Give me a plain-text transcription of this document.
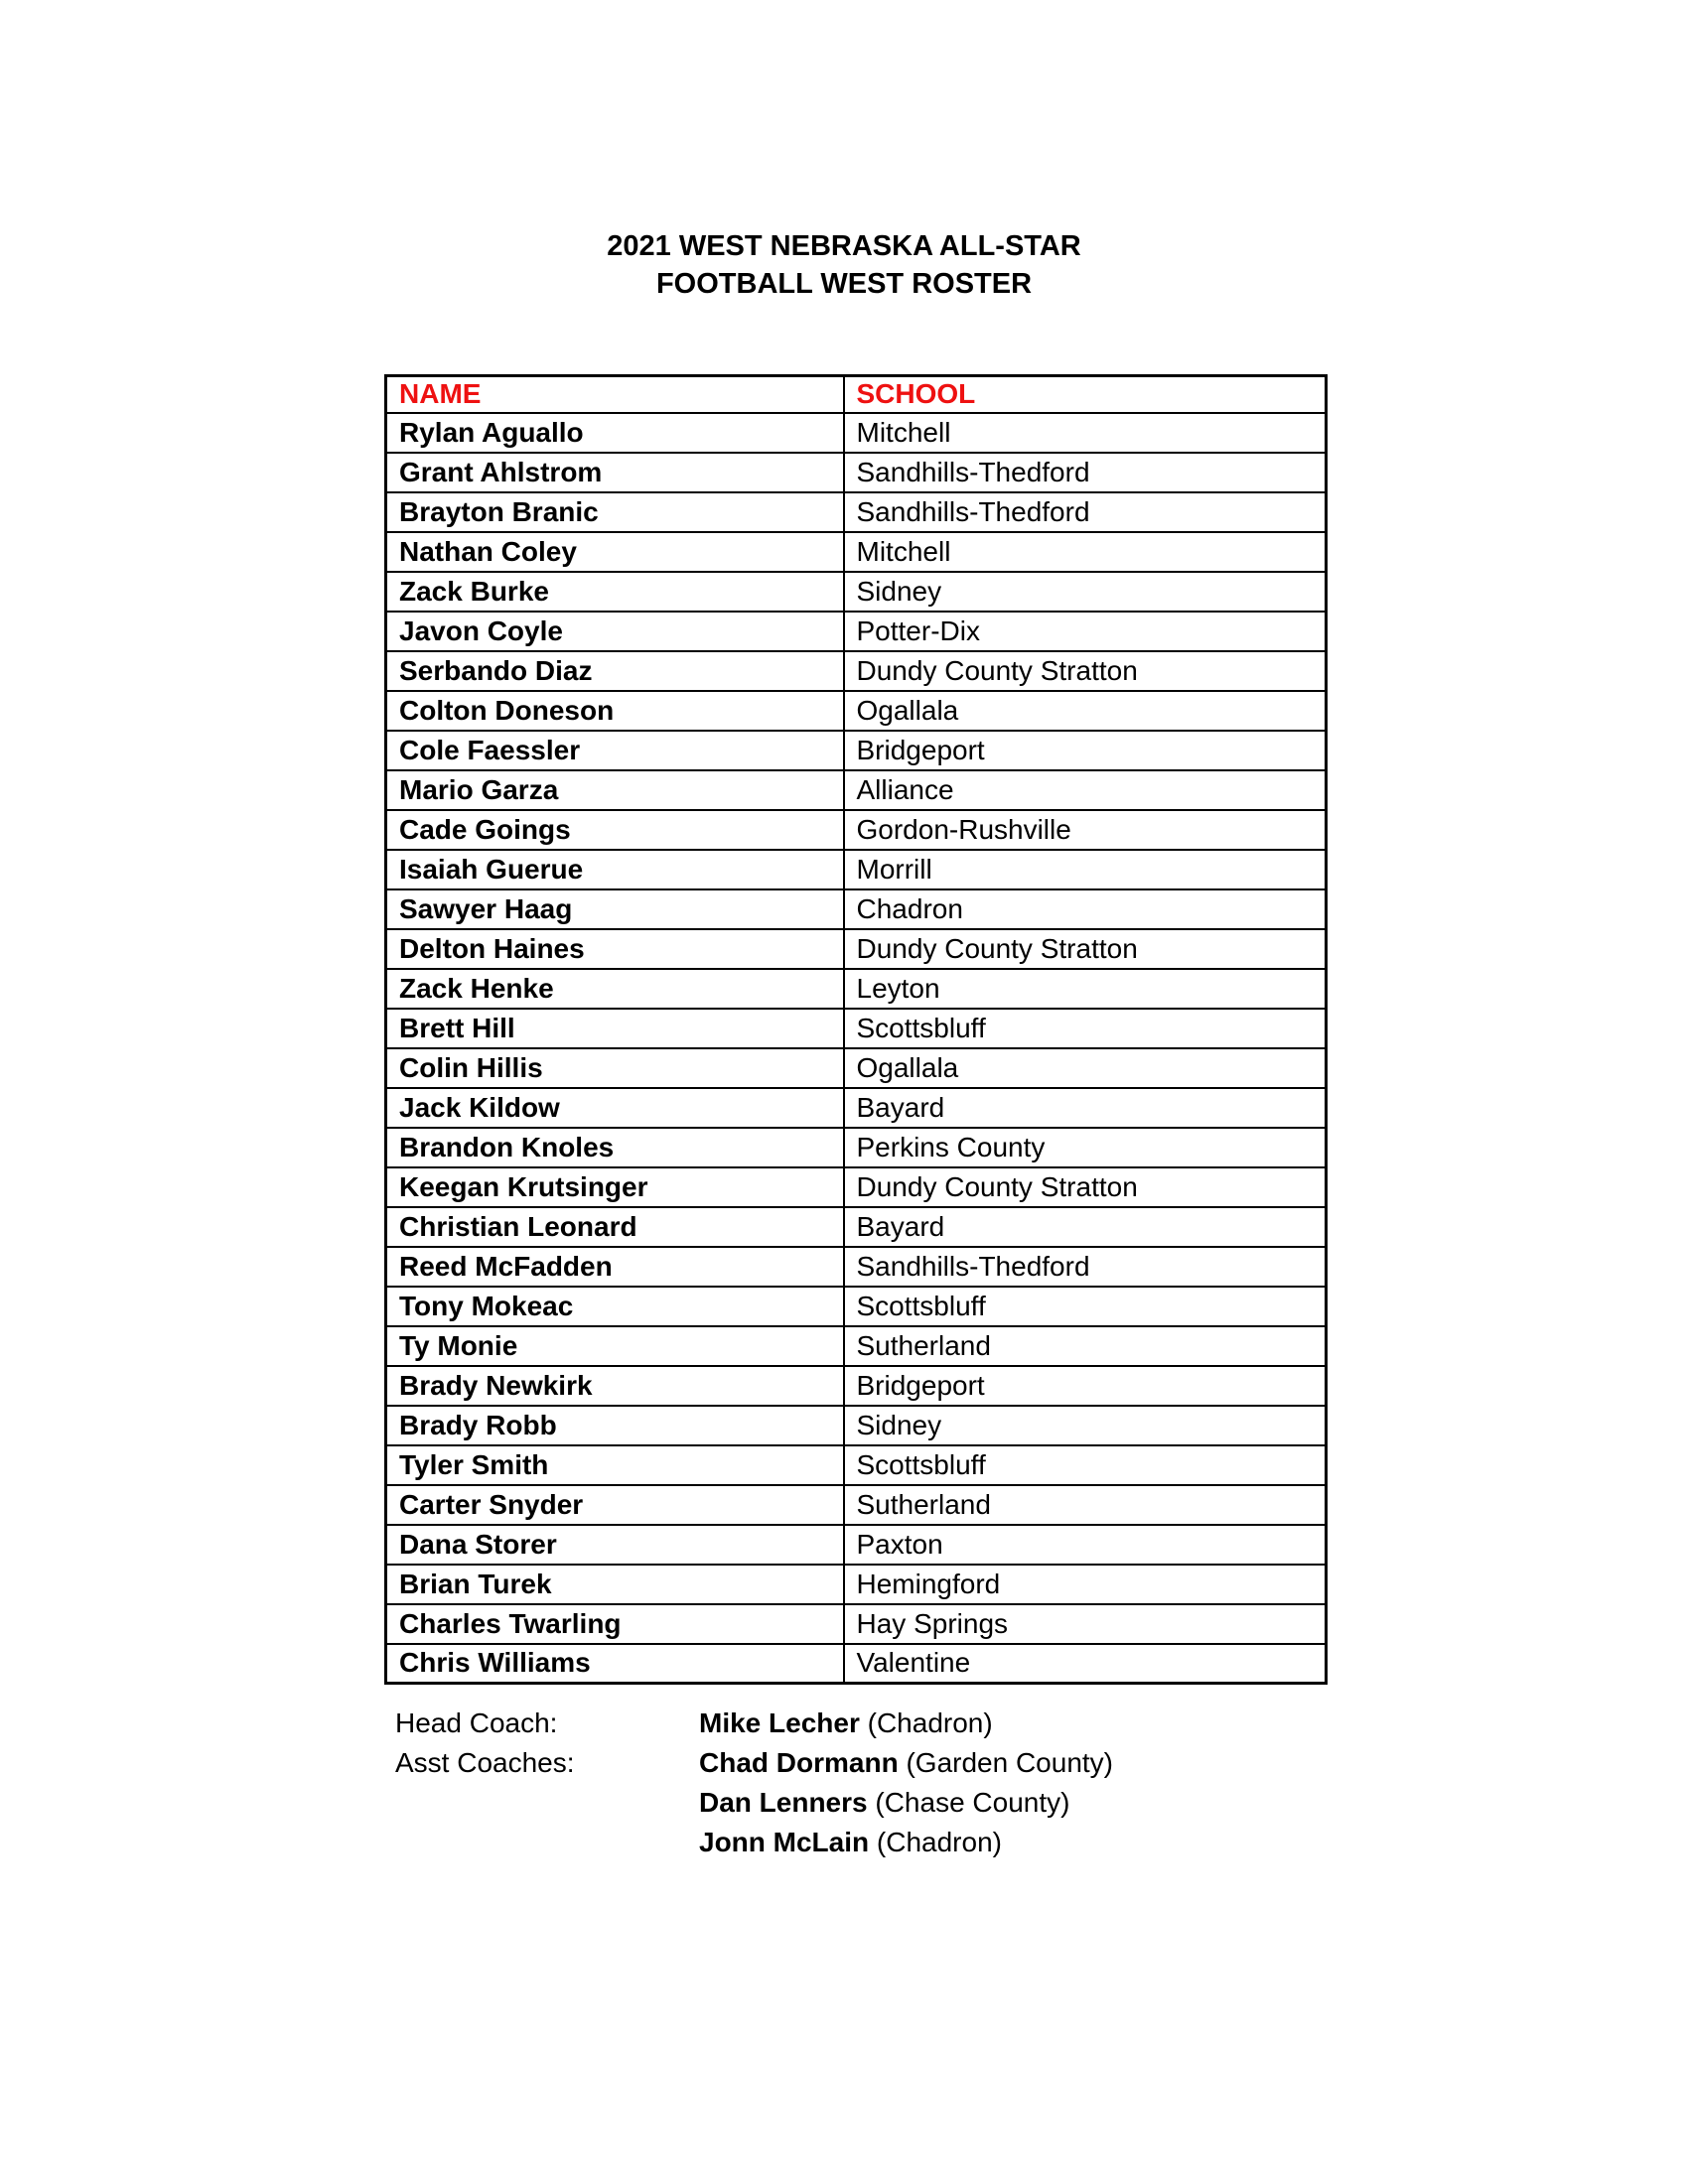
2021 WEST NEBRASKA ALL-STAR
FOOTBALL WEST ROSTER
NAME	SCHOOL
Rylan Aguallo	Mitchell
Grant Ahlstrom	Sandhills-Thedford
Brayton Branic	Sandhills-Thedford
Nathan Coley	Mitchell
Zack Burke	Sidney
Javon Coyle	Potter-Dix
Serbando Diaz	Dundy County Stratton
Colton Doneson	Ogallala
Cole Faessler	Bridgeport
Mario Garza	Alliance
Cade Goings	Gordon-Rushville
Isaiah Guerue	Morrill
Sawyer Haag	Chadron
Delton Haines	Dundy County Stratton
Zack Henke	Leyton
Brett Hill	Scottsbluff
Colin Hillis	Ogallala
Jack Kildow	Bayard
Brandon Knoles	Perkins County
Keegan Krutsinger	Dundy County Stratton
Christian Leonard	Bayard
Reed McFadden	Sandhills-Thedford
Tony Mokeac	Scottsbluff
Ty Monie	Sutherland
Brady Newkirk	Bridgeport
Brady Robb	Sidney
Tyler Smith	Scottsbluff
Carter Snyder	Sutherland
Dana Storer	Paxton
Brian Turek	Hemingford
Charles Twarling	Hay Springs
Chris Williams	Valentine
Head Coach:	Mike Lecher (Chadron)
Asst Coaches:	Chad Dormann (Garden County)
Dan Lenners (Chase County)
Jonn McLain (Chadron)
